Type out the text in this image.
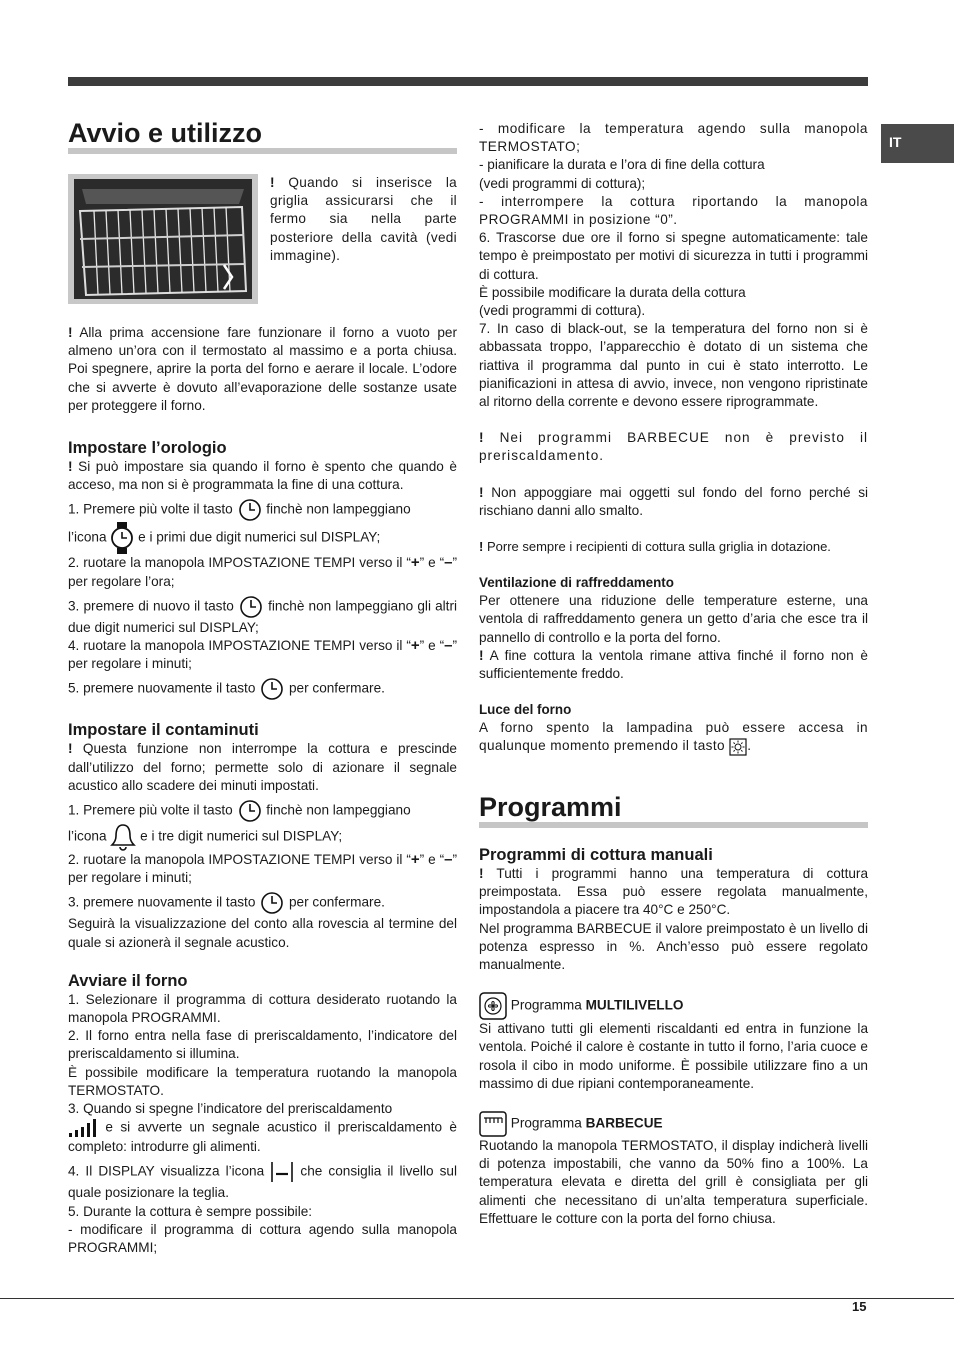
IT
Avvio e utilizzo

! Quando si inserisce la griglia assicurarsi che il fermo sia nella parte posteriore della cavità (vedi immagine).

! Alla prima accensione fare funzionare il forno a vuoto per almeno un’ora con il termostato al massimo e a porta chiusa. Poi spegnere, aprire la porta del forno e aerare il locale. L’odore che si avverte è dovuto all’evaporazione delle sostanze usate per proteggere il forno.

Impostare l’orologio

! Si può impostare sia quando il forno è spento che quando è acceso, ma non si è programmata la fine di una cottura.

1. Premere più volte il tasto finchè non lampeggiano
l’icona e i primi due digit numerici sul DISPLAY;

2. ruotare la manopola IMPOSTAZIONE TEMPI verso il “+” e “–” per regolare l’ora;

3. premere di nuovo il tasto	finchè non lampeggiano gli altri due digit numerici sul DISPLAY;

4. ruotare la manopola IMPOSTAZIONE TEMPI verso il “+” e “–” per regolare i minuti;

5. premere nuovamente il tasto per confermare.

Impostare il contaminuti

! Questa funzione non interrompe la cottura e prescinde dall’utilizzo del forno; permette solo di azionare il segnale acustico allo scadere dei minuti impostati.

1. Premere più volte il tasto finchè non lampeggiano
l’icona e i tre digit numerici sul DISPLAY;

2. ruotare la manopola IMPOSTAZIONE TEMPI verso il “+” e “–” per regolare i minuti;

3. premere nuovamente il tasto per confermare.

Seguirà la visualizzazione del conto alla rovescia al termine del quale si azionerà il segnale acustico.

Avviare il forno

1. Selezionare il programma di cottura desiderato ruotando la manopola PROGRAMMI.

2. Il forno entra nella fase di preriscaldamento, l’indicatore del preriscaldamento si illumina.

È possibile modificare la temperatura ruotando la manopola TERMOSTATO.

3. Quando si spegne l’indicatore del preriscaldamento
e si avverte un segnale acustico il preriscaldamento è completo: introdurre gli alimenti.

4. Il DISPLAY visualizza l’icona	che consiglia il livello sul quale posizionare la teglia.

5. Durante la cottura è sempre possibile:

- modificare il programma di cottura agendo sulla manopola PROGRAMMI;

- modificare la temperatura agendo sulla manopola TERMOSTATO;

- pianificare la durata e l’ora di fine della cottura

(vedi programmi di cottura);

- interrompere la cottura riportando la manopola PROGRAMMI in posizione “0”.

6. Trascorse due ore il forno si spegne automaticamente: tale tempo è preimpostato per motivi di sicurezza in tutti i programmi di cottura.

È possibile modificare la durata della cottura

(vedi programmi di cottura).

7. In caso di black-out, se la temperatura del forno non si è abbassata troppo, l’apparecchio è dotato di un sistema che riattiva il programma dal punto in cui è stato interrotto. Le pianificazioni in attesa di avvio, invece, non vengono ripristinate al ritorno della corrente e devono essere riprogrammate.

! Nei programmi BARBECUE non è previsto il preriscaldamento.

! Non appoggiare mai oggetti sul fondo del forno perché si rischiano danni allo smalto.

! Porre sempre i recipienti di cottura sulla griglia in dotazione.

Ventilazione di raffreddamento

Per ottenere una riduzione delle temperature esterne, una ventola di raffreddamento genera un getto d’aria che esce tra il pannello di controllo e la porta del forno.

! A fine cottura la ventola rimane attiva finché il forno non è sufficientemente freddo.

Luce del forno

A forno spento la lampadina può essere accesa in qualunque momento premendo il tasto .

Programmi
Programmi di cottura manuali

! Tutti i programmi hanno una temperatura di cottura preimpostata. Essa può essere regolata manualmente, impostandola a piacere tra 40°C e 250°C.

Nel programma BARBECUE il valore preimpostato è un livello di potenza espresso in %. Anch’esso può essere regolato manualmente.

Programma MULTILIVELLO

Si attivano tutti gli elementi riscaldanti ed entra in funzione la ventola. Poiché il calore è costante in tutto il forno, l’aria cuoce e rosola il cibo in modo uniforme. È possibile utilizzare fino a un massimo di due ripiani contemporaneamente.

Programma BARBECUE

Ruotando la manopola TERMOSTATO, il display indicherà livelli di potenza impostabili, che vanno da 50% fino a 100%. La temperatura elevata e diretta del grill è consigliata per gli alimenti che necessitano di un’alta temperatura superficiale. Effettuare le cotture con la porta del forno chiusa.

15
